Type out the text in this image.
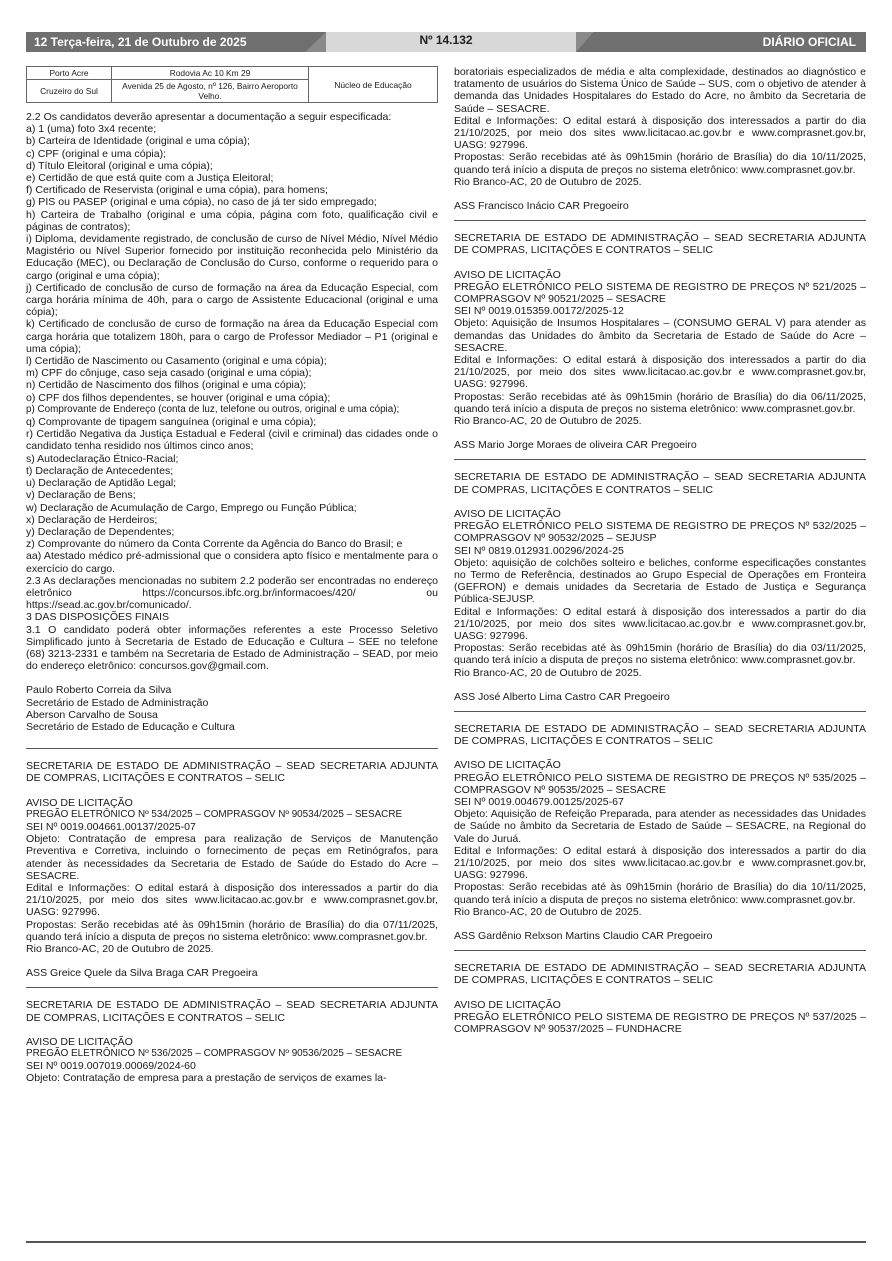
12 Terça-feira, 21 de Outubro de 2025	Nº 14.132	DIÁRIO OFICIAL
Porto Acre	Rodovia Ac 10 Km 29	Núcleo de Educação
Cruzeiro do Sul	Avenida 25 de Agosto, nº 126, Bairro Aeroporto Velho.	

2.2 Os candidatos deverão apresentar a documentação a seguir especificada:

a) 1 (uma) foto 3x4 recente;

b) Carteira de Identidade (original e uma cópia);

c) CPF (original e uma cópia);

d) Título Eleitoral (original e uma cópia);

e) Certidão de que está quite com a Justiça Eleitoral;

f) Certificado de Reservista (original e uma cópia), para homens;

g) PIS ou PASEP (original e uma cópia), no caso de já ter sido empregado;

h) Carteira de Trabalho (original e uma cópia, página com foto, qualificação civil e páginas de contratos);

i) Diploma, devidamente registrado, de conclusão de curso de Nível Médio, Nível Médio Magistério ou Nível Superior fornecido por instituição reconhecida pelo Ministério da Educação (MEC), ou Declaração de Conclusão do Curso, conforme o requerido para o cargo (original e uma cópia);

j) Certificado de conclusão de curso de formação na área da Educação Especial, com carga horária mínima de 40h, para o cargo de Assistente Educacional (original e uma cópia);

k) Certificado de conclusão de curso de formação na área da Educação Especial com carga horária que totalizem 180h, para o cargo de Professor Mediador – P1 (original e uma cópia);

l) Certidão de Nascimento ou Casamento (original e uma cópia);

m) CPF do cônjuge, caso seja casado (original e uma cópia);

n) Certidão de Nascimento dos filhos (original e uma cópia);

o) CPF dos filhos dependentes, se houver (original e uma cópia);

p) Comprovante de Endereço (conta de luz, telefone ou outros, original e uma cópia);

q) Comprovante de tipagem sanguínea (original e uma cópia);

r) Certidão Negativa da Justiça Estadual e Federal (civil e criminal) das cidades onde o candidato tenha residido nos últimos cinco anos;

s) Autodeclaração Étnico-Racial;

t) Declaração de Antecedentes;

u) Declaração de Aptidão Legal;

v) Declaração de Bens;

w) Declaração de Acumulação de Cargo, Emprego ou Função Pública;

x) Declaração de Herdeiros;

y) Declaração de Dependentes;

z) Comprovante do número da Conta Corrente da Agência do Banco do Brasil; e

aa) Atestado médico pré-admissional que o considera apto físico e mentalmente para o exercício do cargo.

2.3 As declarações mencionadas no subitem 2.2 poderão ser encontradas no endereço eletrônico https://concursos.ibfc.org.br/informacoes/420/ ou https://sead.ac.gov.br/comunicado/.

3 DAS DISPOSIÇÕES FINAIS

3.1 O candidato poderá obter informações referentes a este Processo Seletivo Simplificado junto à Secretaria de Estado de Educação e Cultura – SEE no telefone (68) 3213-2331 e também na Secretaria de Estado de Administração – SEAD, por meio do endereço eletrônico: concursos.gov@gmail.com.

Paulo Roberto Correia da Silva

Secretário de Estado de Administração

Aberson Carvalho de Sousa

Secretário de Estado de Educação e Cultura

SECRETARIA DE ESTADO DE ADMINISTRAÇÃO – SEAD SECRETARIA ADJUNTA DE COMPRAS, LICITAÇÕES E CONTRATOS – SELIC

AVISO DE LICITAÇÃO

PREGÃO ELETRÔNICO Nº 534/2025 – COMPRASGOV Nº 90534/2025 – SESACRE

SEI Nº 0019.004661.00137/2025-07

Objeto: Contratação de empresa para realização de Serviços de Manutenção Preventiva e Corretiva, incluindo o fornecimento de peças em Retinógrafos, para atender às necessidades da Secretaria de Estado de Saúde do Estado do Acre – SESACRE.

Edital e Informações: O edital estará à disposição dos interessados a partir do dia 21/10/2025, por meio dos sites www.licitacao.ac.gov.br e www.comprasnet.gov.br, UASG: 927996.

Propostas: Serão recebidas até às 09h15min (horário de Brasília) do dia 07/11/2025, quando terá início a disputa de preços no sistema eletrônico: www.comprasnet.gov.br.

Rio Branco-AC, 20 de Outubro de 2025.

ASS Greice Quele da Silva Braga CAR Pregoeira

SECRETARIA DE ESTADO DE ADMINISTRAÇÃO – SEAD SECRETARIA ADJUNTA DE COMPRAS, LICITAÇÕES E CONTRATOS – SELIC

AVISO DE LICITAÇÃO

PREGÃO ELETRÔNICO Nº 536/2025 – COMPRASGOV Nº 90536/2025 – SESACRE

SEI Nº 0019.007019.00069/2024-60

Objeto: Contratação de empresa para a prestação de serviços de exames la-

boratoriais especializados de média e alta complexidade, destinados ao diagnóstico e tratamento de usuários do Sistema Único de Saúde – SUS, com o objetivo de atender à demanda das Unidades Hospitalares do Estado do Acre, no âmbito da Secretaria de Saúde – SESACRE.

Edital e Informações: O edital estará à disposição dos interessados a partir do dia 21/10/2025, por meio dos sites www.licitacao.ac.gov.br e www.comprasnet.gov.br, UASG: 927996.

Propostas: Serão recebidas até às 09h15min (horário de Brasília) do dia 10/11/2025, quando terá início a disputa de preços no sistema eletrônico: www.comprasnet.gov.br.

Rio Branco-AC, 20 de Outubro de 2025.

ASS Francisco Inácio CAR Pregoeiro

SECRETARIA DE ESTADO DE ADMINISTRAÇÃO – SEAD SECRETARIA ADJUNTA DE COMPRAS, LICITAÇÕES E CONTRATOS – SELIC

AVISO DE LICITAÇÃO

PREGÃO ELETRÔNICO PELO SISTEMA DE REGISTRO DE PREÇOS Nº 521/2025 – COMPRASGOV Nº 90521/2025 – SESACRE

SEI Nº 0019.015359.00172/2025-12

Objeto: Aquisição de Insumos Hospitalares – (CONSUMO GERAL V) para atender as demandas das Unidades do âmbito da Secretaria de Estado de Saúde do Acre – SESACRE.

Edital e Informações: O edital estará à disposição dos interessados a partir do dia 21/10/2025, por meio dos sites www.licitacao.ac.gov.br e www.comprasnet.gov.br, UASG: 927996.

Propostas: Serão recebidas até às 09h15min (horário de Brasília) do dia 06/11/2025, quando terá início a disputa de preços no sistema eletrônico: www.comprasnet.gov.br.

Rio Branco-AC, 20 de Outubro de 2025.

ASS Mario Jorge Moraes de oliveira CAR Pregoeiro

SECRETARIA DE ESTADO DE ADMINISTRAÇÃO – SEAD SECRETARIA ADJUNTA DE COMPRAS, LICITAÇÕES E CONTRATOS – SELIC

AVISO DE LICITAÇÃO

PREGÃO ELETRÔNICO PELO SISTEMA DE REGISTRO DE PREÇOS Nº 532/2025 – COMPRASGOV Nº 90532/2025 – SEJUSP

SEI Nº 0819.012931.00296/2024-25

Objeto: aquisição de colchões solteiro e beliches, conforme especificações constantes no Termo de Referência, destinados ao Grupo Especial de Operações em Fronteira (GEFRON) e demais unidades da Secretaria de Estado de Justiça e Segurança Pública-SEJUSP.

Edital e Informações: O edital estará à disposição dos interessados a partir do dia 21/10/2025, por meio dos sites www.licitacao.ac.gov.br e www.comprasnet.gov.br, UASG: 927996.

Propostas: Serão recebidas até às 09h15min (horário de Brasília) do dia 03/11/2025, quando terá início a disputa de preços no sistema eletrônico: www.comprasnet.gov.br.

Rio Branco-AC, 20 de Outubro de 2025.

ASS José Alberto Lima Castro CAR Pregoeiro

SECRETARIA DE ESTADO DE ADMINISTRAÇÃO – SEAD SECRETARIA ADJUNTA DE COMPRAS, LICITAÇÕES E CONTRATOS – SELIC

AVISO DE LICITAÇÃO

PREGÃO ELETRÔNICO PELO SISTEMA DE REGISTRO DE PREÇOS Nº 535/2025 – COMPRASGOV Nº 90535/2025 – SESACRE

SEI Nº 0019.004679.00125/2025-67

Objeto: Aquisição de Refeição Preparada, para atender as necessidades das Unidades de Saúde no âmbito da Secretaria de Estado de Saúde – SESACRE, na Regional do Vale do Juruá.

Edital e Informações: O edital estará à disposição dos interessados a partir do dia 21/10/2025, por meio dos sites www.licitacao.ac.gov.br e www.comprasnet.gov.br, UASG: 927996.

Propostas: Serão recebidas até às 09h15min (horário de Brasília) do dia 10/11/2025, quando terá início a disputa de preços no sistema eletrônico: www.comprasnet.gov.br.

Rio Branco-AC, 20 de Outubro de 2025.

ASS Gardênio Relxson Martins Claudio CAR Pregoeiro

SECRETARIA DE ESTADO DE ADMINISTRAÇÃO – SEAD SECRETARIA ADJUNTA DE COMPRAS, LICITAÇÕES E CONTRATOS – SELIC

AVISO DE LICITAÇÃO

PREGÃO ELETRÔNICO PELO SISTEMA DE REGISTRO DE PREÇOS Nº 537/2025 – COMPRASGOV Nº 90537/2025 – FUNDHACRE
